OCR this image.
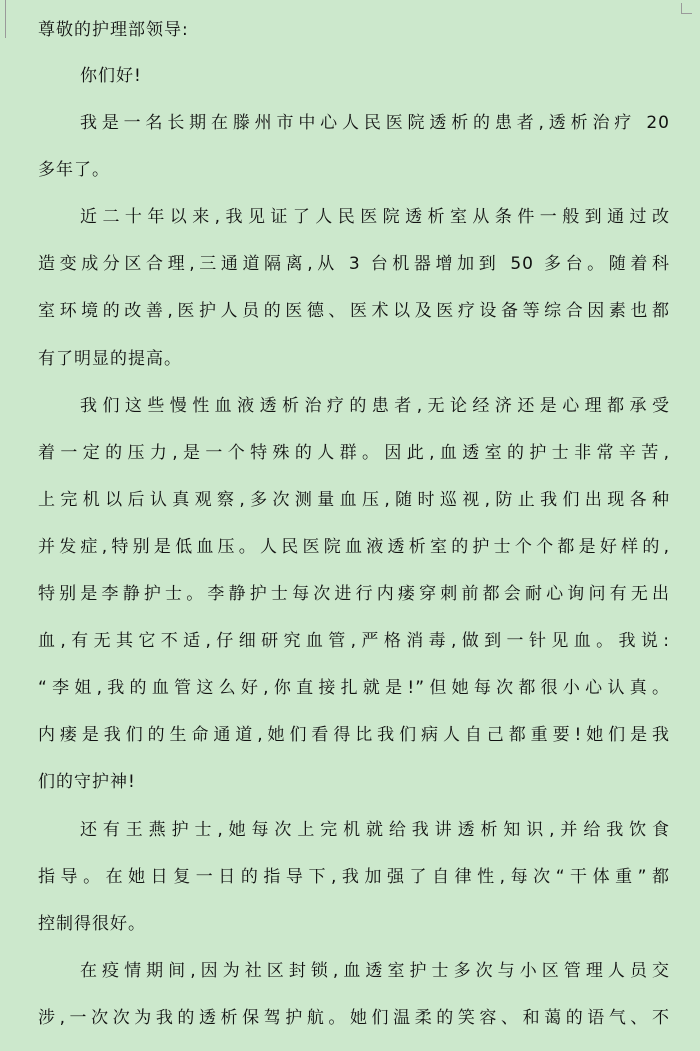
尊敬的护理部领导:
你们好!
我是一名长期在滕州市中心人民医院透析的患者,透析治疗 20
多年了。
近二十年以来,我见证了人民医院透析室从条件一般到通过改
造变成分区合理,三通道隔离,从 3 台机器增加到 50 多台。随着科
室环境的改善,医护人员的医德、医术以及医疗设备等综合因素也都
有了明显的提高。
我们这些慢性血液透析治疗的患者,无论经济还是心理都承受
着一定的压力,是一个特殊的人群。因此,血透室的护士非常辛苦,
上完机以后认真观察,多次测量血压,随时巡视,防止我们出现各种
并发症,特别是低血压。人民医院血液透析室的护士个个都是好样的,
特别是李静护士。李静护士每次进行内瘘穿刺前都会耐心询问有无出
血,有无其它不适,仔细研究血管,严格消毒,做到一针见血。我说:
“李姐,我的血管这么好,你直接扎就是!”但她每次都很小心认真。
内瘘是我们的生命通道,她们看得比我们病人自己都重要!她们是我
们的守护神!
还有王燕护士,她每次上完机就给我讲透析知识,并给我饮食
指导。在她日复一日的指导下,我加强了自律性,每次“干体重”都
控制得很好。
在疫情期间,因为社区封锁,血透室护士多次与小区管理人员交
涉,一次次为我的透析保驾护航。她们温柔的笑容、和蔼的语气、不
